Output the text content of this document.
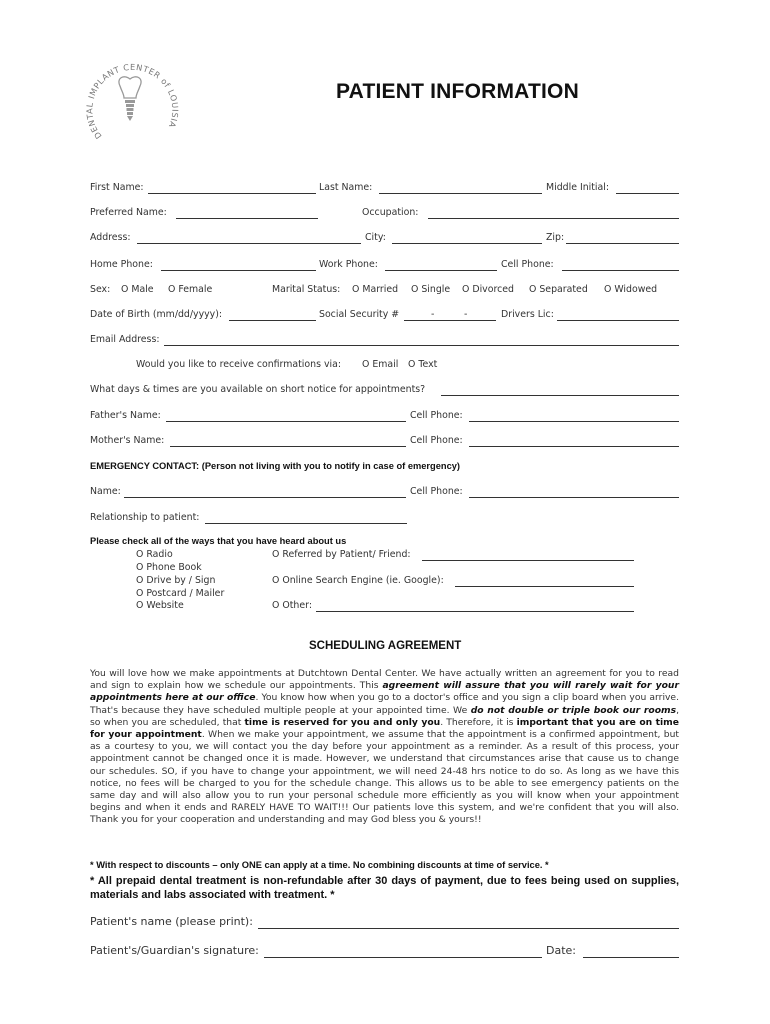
DENTAL IMPLANT CENTER of LOUISIA
PATIENT INFORMATION
First Name:	Last Name:	Middle Initial:
Preferred Name:	Occupation:
Address:	City:	Zip:
Home Phone:	Work Phone:	Cell Phone:
Sex: O Male O Female	Marital Status: O Married O Single O Divorced O Separated O Widowed
Date of Birth (mm/dd/yyyy):	Social Security #	-	-	Drivers Lic:
Email Address:
Would you like to receive confirmations via: O Email O Text
What days & times are you available on short notice for appointments?
Father's Name:	Cell Phone:
Mother's Name:	Cell Phone:
EMERGENCY CONTACT: (Person not living with you to notify in case of emergency)
Name:	Cell Phone:
Relationship to patient:
Please check all of the ways that you have heard about us
O Radio
O Phone Book
O Drive by / Sign
O Postcard / Mailer
O Website
O Referred by Patient/ Friend:
O Online Search Engine (ie. Google):
O Other:
SCHEDULING AGREEMENT
You will love how we make appointments at Dutchtown Dental Center. We have actually written an agreement for you to read and sign to explain how we schedule our appointments. This agreement will assure that you will rarely wait for your appointments here at our office. You know how when you go to a doctor's office and you sign a clip board when you arrive. That's because they have scheduled multiple people at your appointed time. We do not double or triple book our rooms, so when you are scheduled, that time is reserved for you and only you. Therefore, it is important that you are on time for your appointment. When we make your appointment, we assume that the appointment is a confirmed appointment, but as a courtesy to you, we will contact you the day before your appointment as a reminder. As a result of this process, your appointment cannot be changed once it is made. However, we understand that circumstances arise that cause us to change our schedules. SO, if you have to change your appointment, we will need 24-48 hrs notice to do so. As long as we have this notice, no fees will be charged to you for the schedule change. This allows us to be able to see emergency patients on the same day and will also allow you to run your personal schedule more efficiently as you will know when your appointment begins and when it ends and RARELY HAVE TO WAIT!!! Our patients love this system, and we're confident that you will also. Thank you for your cooperation and understanding and may God bless you & yours!!
* With respect to discounts – only ONE can apply at a time. No combining discounts at time of service. *
* All prepaid dental treatment is non-refundable after 30 days of payment, due to fees being used on supplies, materials and labs associated with treatment. *
Patient's name (please print):
Patient's/Guardian's signature:	Date:
